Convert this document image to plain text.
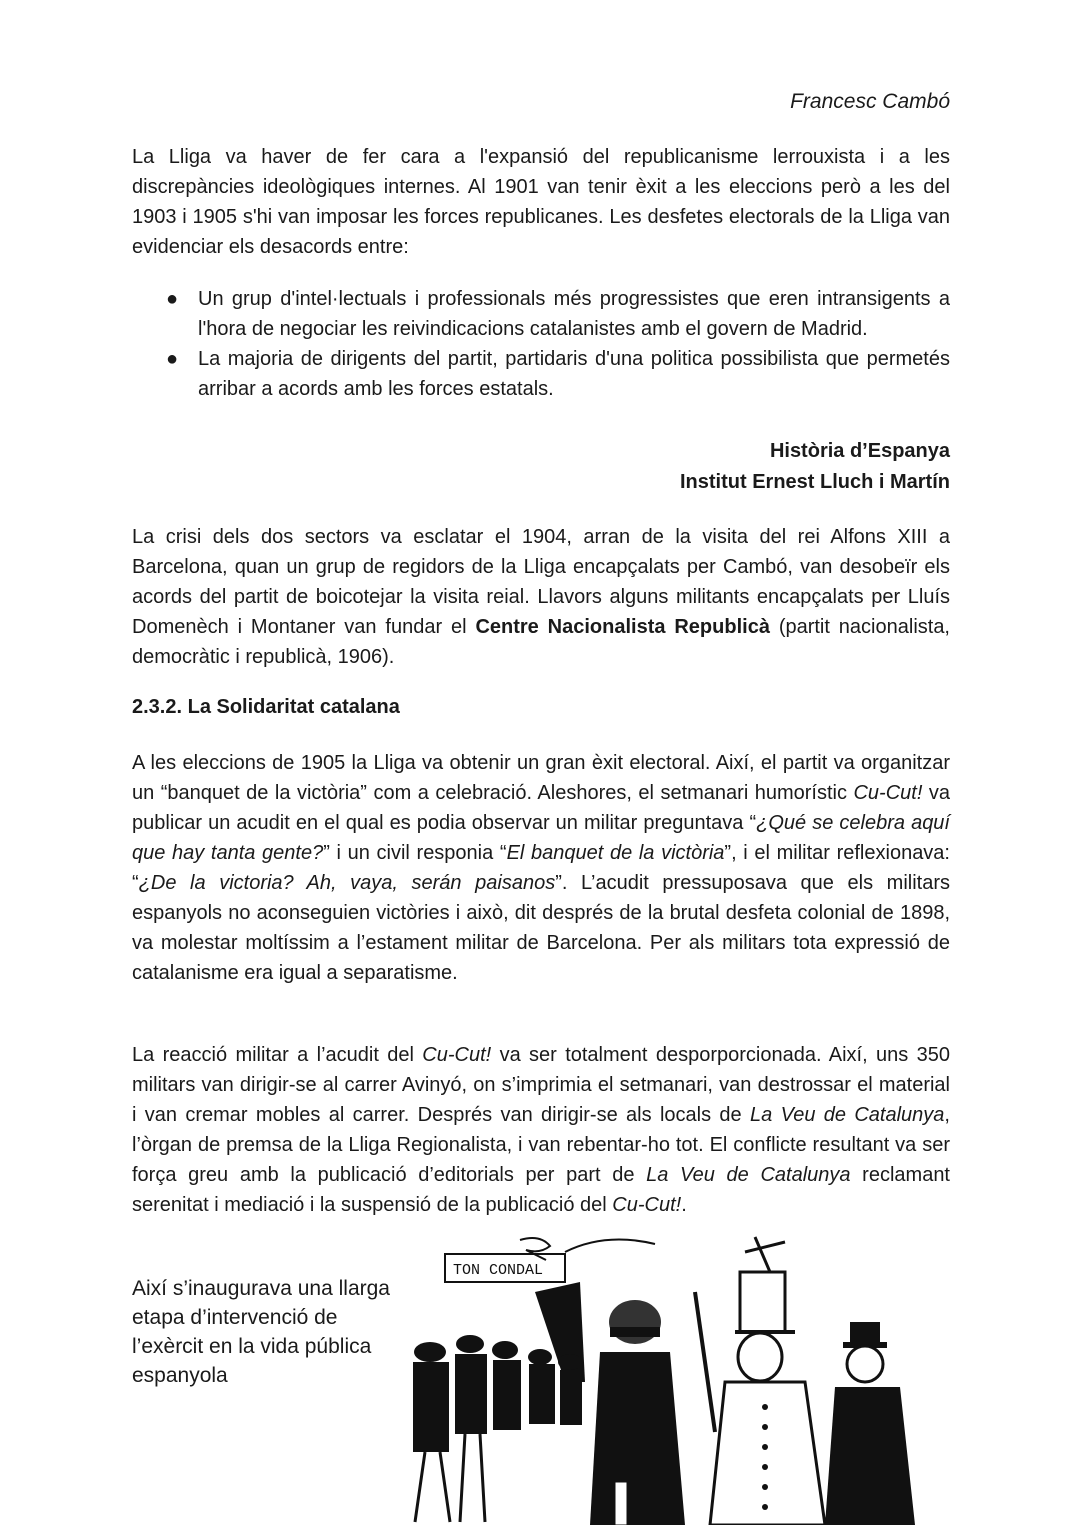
Francesc Cambó

La Lliga va haver de fer cara a l'expansió del republicanisme lerrouxista i a les discrepàncies ideològiques internes. Al 1901 van tenir èxit a les eleccions però a les del 1903 i 1905 s'hi van imposar les forces republicanes. Les desfetes electorals de la Lliga van evidenciar els desacords entre:

● Un grup d'intel·lectuals i professionals més progressistes que eren intransigents a l'hora de negociar les reivindicacions catalanistes amb el govern de Madrid.
● La majoria de dirigents del partit, partidaris d'una politica possibilista que permetés arribar a acords amb les forces estatals.
Història d’Espanya
Institut Ernest Lluch i Martín

La crisi dels dos sectors va esclatar el 1904, arran de la visita del rei Alfons XIII a Barcelona, quan un grup de regidors de la Lliga encapçalats per Cambó, van desobeïr els acords del partit de boicotejar la visita reial. Llavors alguns militants encapçalats per Lluís Domenèch i Montaner van fundar el Centre Nacionalista Republicà (partit nacionalista, democràtic i republicà, 1906).

2.3.2. La Solidaritat catalana

A les eleccions de 1905 la Lliga va obtenir un gran èxit electoral. Així, el partit va organitzar un “banquet de la victòria” com a celebració. Aleshores, el setmanari humorístic Cu-Cut! va publicar un acudit en el qual es podia observar un militar preguntava “¿Qué se celebra aquí que hay tanta gente?” i un civil responia “El banquet de la victòria”, i el militar reflexionava: “¿De la victoria? Ah, vaya, serán paisanos”. L’acudit pressuposava que els militars espanyols no aconseguien victòries i això, dit després de la brutal desfeta colonial de 1898, va molestar moltíssim a l’estament militar de Barcelona. Per als militars tota expressió de catalanisme era igual a separatisme.

La reacció militar a l’acudit del Cu-Cut! va ser totalment desporporcionada. Així, uns 350 militars van dirigir-se al carrer Avinyó, on s’imprimia el setmanari, van destrossar el material i van cremar mobles al carrer. Després van dirigir-se als locals de La Veu de Catalunya, l’òrgan de premsa de la Lliga Regionalista, i van rebentar-ho tot. El conflicte resultant va ser força greu amb la publicació d’editorials per part de La Veu de Catalunya reclamant serenitat i mediació i la suspensió de la publicació del Cu-Cut!.

Així s’inaugurava una llarga etapa d’intervenció de l’exèrcit en la vida pública espanyola

TON CONDAL
